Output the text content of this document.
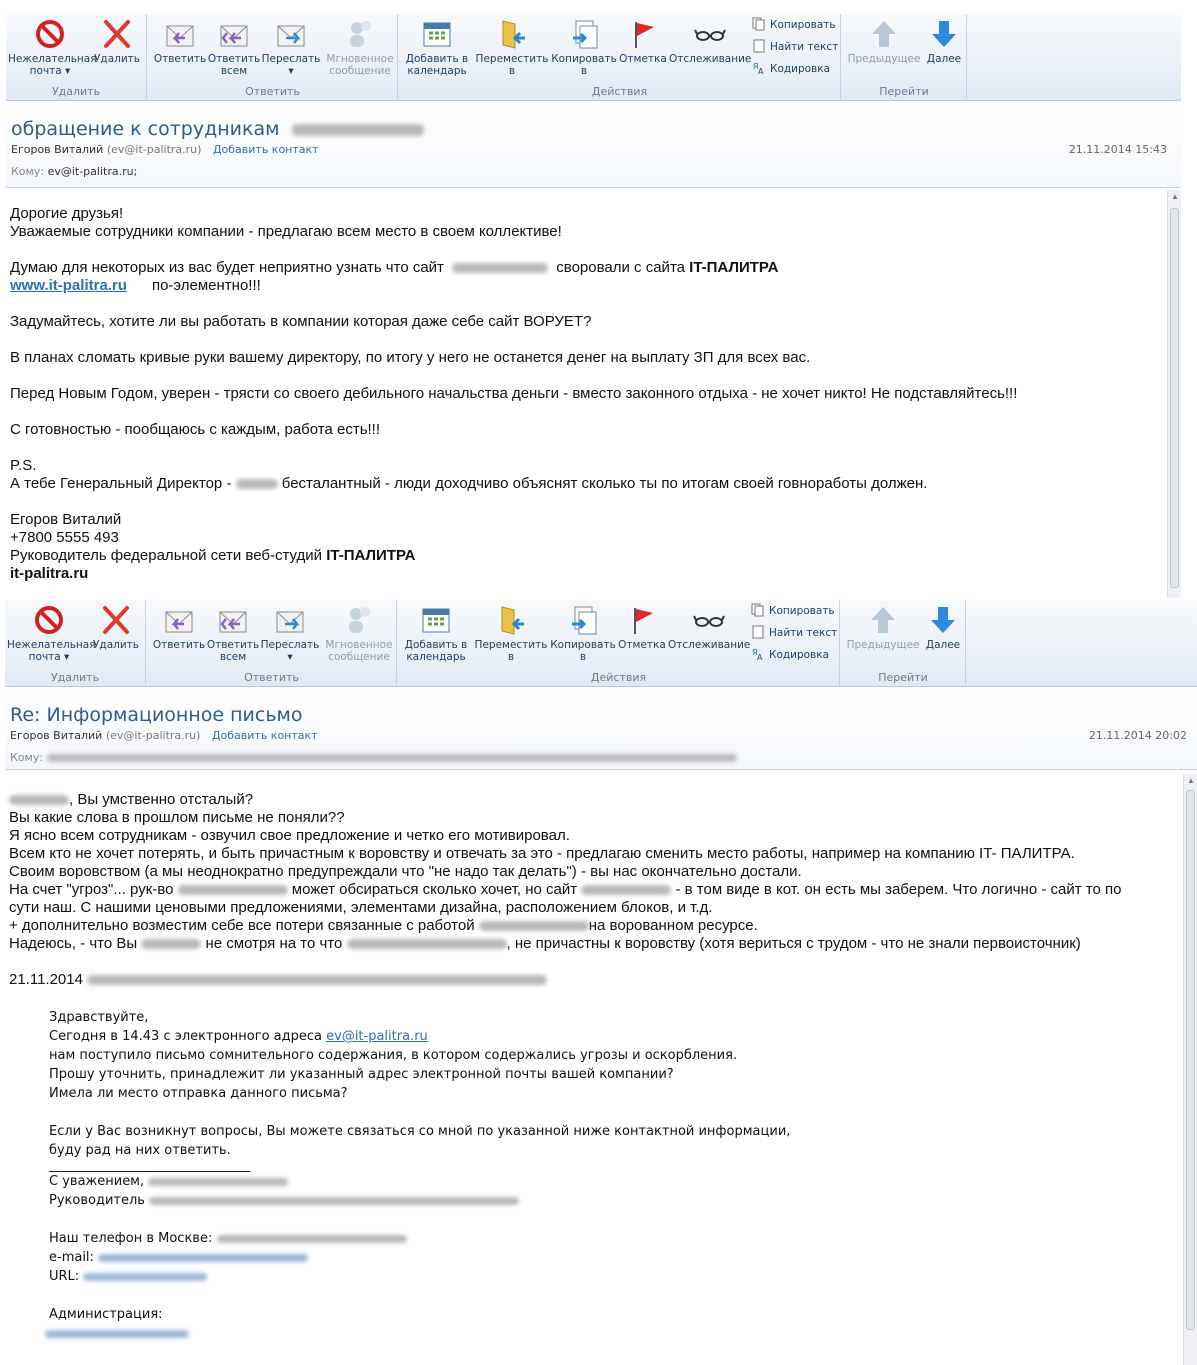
Нежелательная
почта ▾
Удалить
Удалить
Ответить Ответить
всем
Переслать
▾
Мгновенное
сообщение
Ответить
Добавить в
календарь
Переместить
в
Копировать
в
Отметка Отслеживание
Копировать
Найти текст
Я
A Кодировка
Действия
Предыдущее Далее
Перейти
обращение к сотрудникам
Егоров Виталий (ev@it-palitra.ru) Добавить контакт	21.11.2014 15:43
Кому: ev@it-palitra.ru;

Дорогие друзья!

Уважаемые сотрудники компании - предлагаю всем место в своем коллективе!

Думаю для некоторых из вас будет неприятно узнать что сайт	своровали с сайта IT-ПАЛИТРА

www.it-palitra.ru по-элементно!!!

Задумайтесь, хотите ли вы работать в компании которая даже себе сайт ВОРУЕТ?

В планах сломать кривые руки вашему директору, по итогу у него не останется денег на выплату ЗП для всех вас.

Перед Новым Годом, уверен - трясти со своего дебильного начальства деньги - вместо законного отдыха - не хочет никто! Не подставляйтесь!!!

С готовностью - пообщаюсь с каждым, работа есть!!!

P.S.

А тебе Генеральный Директор -	бесталантный - люди доходчиво объяснят сколько ты по итогам своей говноработы должен.

Егоров Виталий

+7800 5555 493

Руководитель федеральной сети веб-студий IT-ПАЛИТРА

it-palitra.ru

▲
Нежелательная
почта ▾
Удалить
Удалить
Ответить Ответить
всем
Переслать
▾
Мгновенное
сообщение
Ответить
Добавить в
календарь
Переместить
в
Копировать
в
Отметка Отслеживание
Копировать
Найти текст
Я
A Кодировка
Действия
Предыдущее Далее
Перейти
Re: Информационное письмо
Егоров Виталий (ev@it-palitra.ru) Добавить контакт	21.11.2014 20:02
Кому:

, Вы умственно отсталый?

Вы какие слова в прошлом письме не поняли??

Я ясно всем сотрудникам - озвучил свое предложение и четко его мотивировал.

Всем кто не хочет потерять, и быть причастным к воровству и отвечать за это - предлагаю сменить место работы, например на компанию IT- ПАЛИТРА.

Своим воровством (а мы неоднократно предупреждали что "не надо так делать") - вы нас окончательно достали.

На счет "угроз"... рук-во	может обсираться сколько хочет, но сайт	- в том виде в кот. он есть мы заберем. Что логично - сайт то по

сути наш. С нашими ценовыми предложениями, элементами дизайна, расположением блоков, и т.д.

+ дополнительно возместим себе все потери связанные с работой	на ворованном ресурсе.

Надеюсь, - что Вы	не смотря на то что	, не причастны к воровству (хотя вериться с трудом - что не знали первоисточник)

21.11.2014

Здравствуйте,

Сегодня в 14.43 с электронного адреса ev@it-palitra.ru

нам поступило письмо сомнительного содержания, в котором содержались угрозы и оскорбления.

Прошу уточнить, принадлежит ли указанный адрес электронной почты вашей компании?

Имела ли место отправка данного письма?

Если у Вас возникнут вопросы, Вы можете связаться со мной по указанной ниже контактной информации,

буду рад на них ответить.

_______________________________

С уважением,

Руководитель

Наш телефон в Москве:

e-mail:

URL:

Администрация:

▲
